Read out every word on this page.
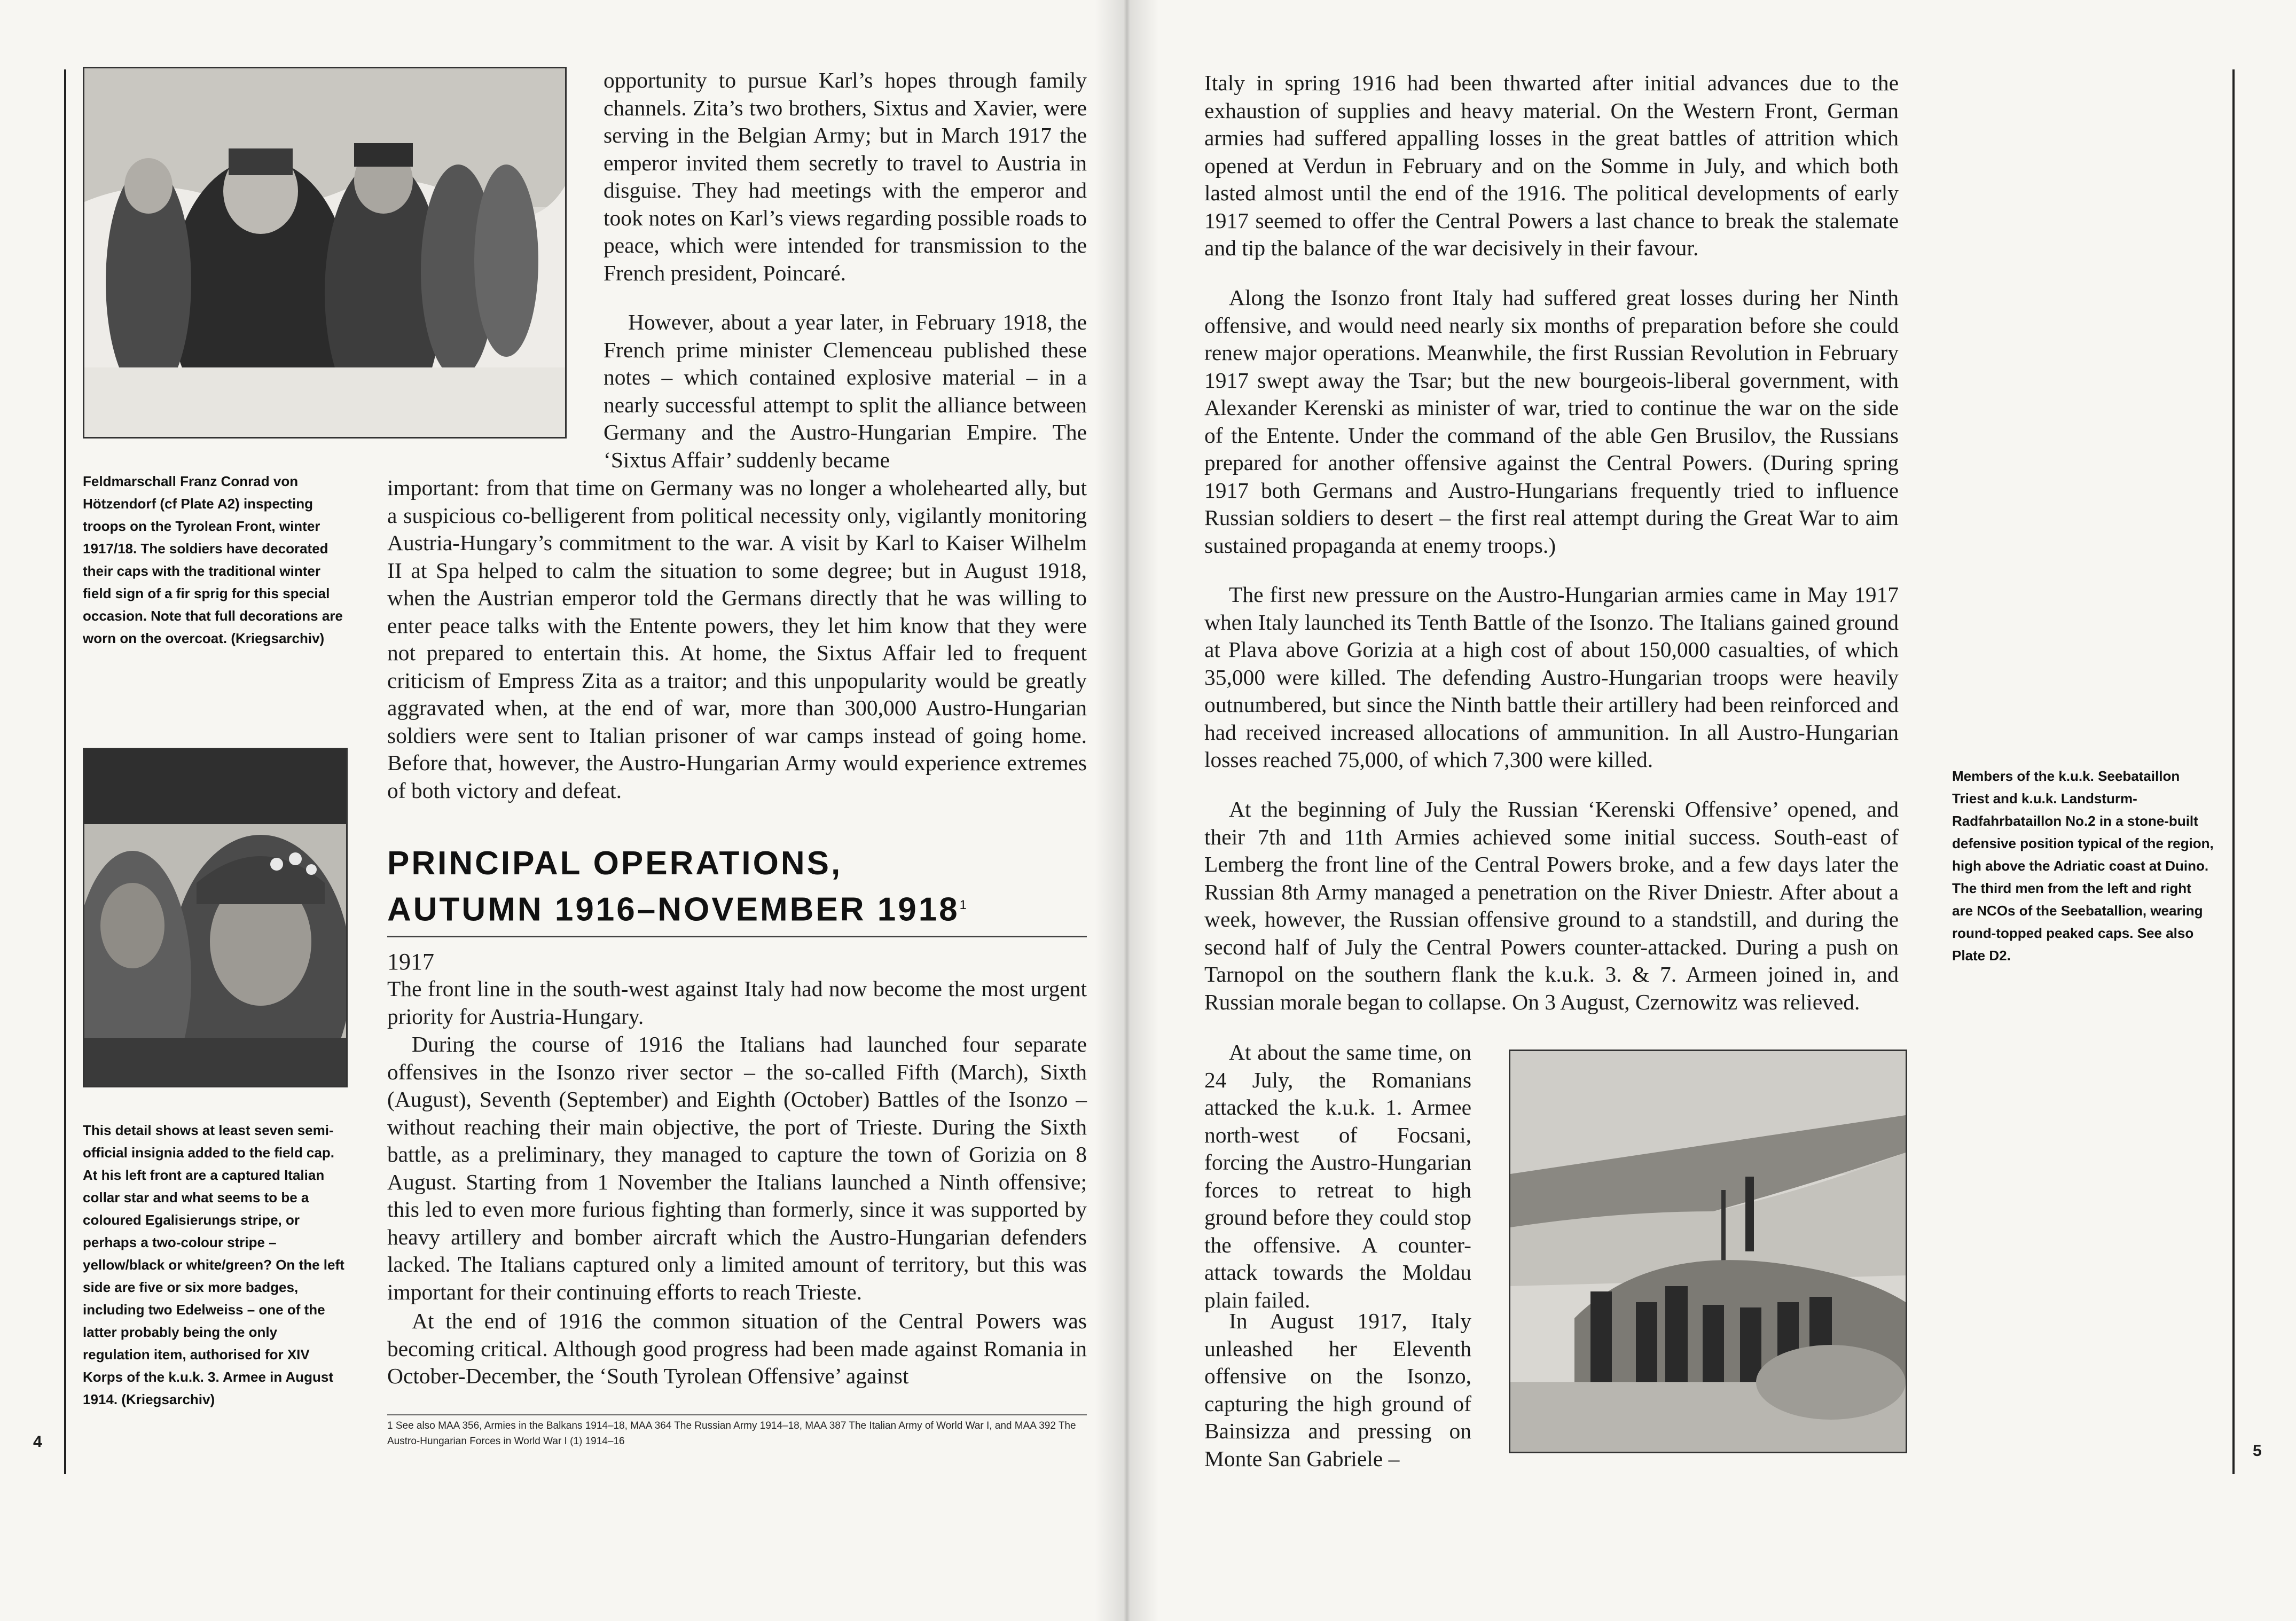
Feldmarschall Franz Conrad von Hötzendorf (cf Plate A2) inspecting troops on the Tyrolean Front, winter 1917/18. The soldiers have decorated their caps with the traditional winter field sign of a fir sprig for this special occasion. Note that full decorations are worn on the overcoat. (Kriegsarchiv)
This detail shows at least seven semi-official insignia added to the field cap. At his left front are a captured Italian collar star and what seems to be a coloured Egalisierungs stripe, or perhaps a two-colour stripe – yellow/black or white/green? On the left side are five or six more badges, including two Edelweiss – one of the latter probably being the only regulation item, authorised for XIV Korps of the k.u.k. 3. Armee in August 1914. (Kriegsarchiv)
4

opportunity to pursue Karl’s hopes through family channels. Zita’s two brothers, Sixtus and Xavier, were serving in the Belgian Army; but in March 1917 the emperor invited them secretly to travel to Austria in disguise. They had meetings with the emperor and took notes on Karl’s views regarding possible roads to peace, which were intended for transmission to the French president, Poincaré.

However, about a year later, in February 1918, the French prime minister Clemenceau published these notes – which contained explosive material – in a nearly successful attempt to split the alliance between Germany and the Austro-Hungarian Empire. The ‘Sixtus Affair’ suddenly became

important: from that time on Germany was no longer a wholehearted ally, but a suspicious co-belligerent from political necessity only, vigilantly monitoring Austria-Hungary’s commitment to the war. A visit by Karl to Kaiser Wilhelm II at Spa helped to calm the situation to some degree; but in August 1918, when the Austrian emperor told the Germans directly that he was willing to enter peace talks with the Entente powers, they let him know that they were not prepared to entertain this. At home, the Sixtus Affair led to frequent criticism of Empress Zita as a traitor; and this unpopularity would be greatly aggravated when, at the end of war, more than 300,000 Austro-Hungarian soldiers were sent to Italian prisoner of war camps instead of going home. Before that, however, the Austro-Hungarian Army would experience extremes of both victory and defeat.

PRINCIPAL OPERATIONS,

AUTUMN 1916–NOVEMBER 1918$^1$

1917

The front line in the south-west against Italy had now become the most urgent priority for Austria-Hungary.

During the course of 1916 the Italians had launched four separate offensives in the Isonzo river sector – the so-called Fifth (March), Sixth (August), Seventh (September) and Eighth (October) Battles of the Isonzo – without reaching their main objective, the port of Trieste. During the Sixth battle, as a preliminary, they managed to capture the town of Gorizia on 8 August. Starting from 1 November the Italians launched a Ninth offensive; this led to even more furious fighting than formerly, since it was supported by heavy artillery and bomber aircraft which the Austro-Hungarian defenders lacked. The Italians captured only a limited amount of territory, but this was important for their continuing efforts to reach Trieste.

At the end of 1916 the common situation of the Central Powers was becoming critical. Although good progress had been made against Romania in October-December, the ‘South Tyrolean Offensive’ against

1 See also MAA 356, Armies in the Balkans 1914–18, MAA 364 The Russian Army 1914–18, MAA 387 The Italian Army of World War I, and MAA 392 The Austro-Hungarian Forces in World War I (1) 1914–16

Italy in spring 1916 had been thwarted after initial advances due to the exhaustion of supplies and heavy material. On the Western Front, German armies had suffered appalling losses in the great battles of attrition which opened at Verdun in February and on the Somme in July, and which both lasted almost until the end of the 1916. The political developments of early 1917 seemed to offer the Central Powers a last chance to break the stalemate and tip the balance of the war decisively in their favour.

Along the Isonzo front Italy had suffered great losses during her Ninth offensive, and would need nearly six months of preparation before she could renew major operations. Meanwhile, the first Russian Revolution in February 1917 swept away the Tsar; but the new bourgeois-liberal government, with Alexander Kerenski as minister of war, tried to continue the war on the side of the Entente. Under the command of the able Gen Brusilov, the Russians prepared for another offensive against the Central Powers. (During spring 1917 both Germans and Austro-Hungarians frequently tried to influence Russian soldiers to desert – the first real attempt during the Great War to aim sustained propaganda at enemy troops.)

The first new pressure on the Austro-Hungarian armies came in May 1917 when Italy launched its Tenth Battle of the Isonzo. The Italians gained ground at Plava above Gorizia at a high cost of about 150,000 casualties, of which 35,000 were killed. The defending Austro-Hungarian troops were heavily outnumbered, but since the Ninth battle their artillery had been reinforced and had received increased allocations of ammunition. In all Austro-Hungarian losses reached 75,000, of which 7,300 were killed.

At the beginning of July the Russian ‘Kerenski Offensive’ opened, and their 7th and 11th Armies achieved some initial success. South-east of Lemberg the front line of the Central Powers broke, and a few days later the Russian 8th Army managed a penetration on the River Dniestr. After about a week, however, the Russian offensive ground to a standstill, and during the second half of July the Central Powers counter-attacked. During a push on Tarnopol on the southern flank the k.u.k. 3. & 7. Armeen joined in, and Russian morale began to collapse. On 3 August, Czernowitz was relieved.

At about the same time, on 24 July, the Romanians attacked the k.u.k. 1. Armee north-west of Focsani, forcing the Austro-Hungarian forces to retreat to high ground before they could stop the offensive. A counter-attack towards the Moldau plain failed.

In August 1917, Italy unleashed her Eleventh offensive on the Isonzo, capturing the high ground of Bainsizza and pressing on Monte San Gabriele –

Members of the k.u.k. Seebataillon Triest and k.u.k. Landsturm-Radfahrbataillon No.2 in a stone-built defensive position typical of the region, high above the Adriatic coast at Duino. The third men from the left and right are NCOs of the Seebatallion, wearing round-topped peaked caps. See also Plate D2.
5
